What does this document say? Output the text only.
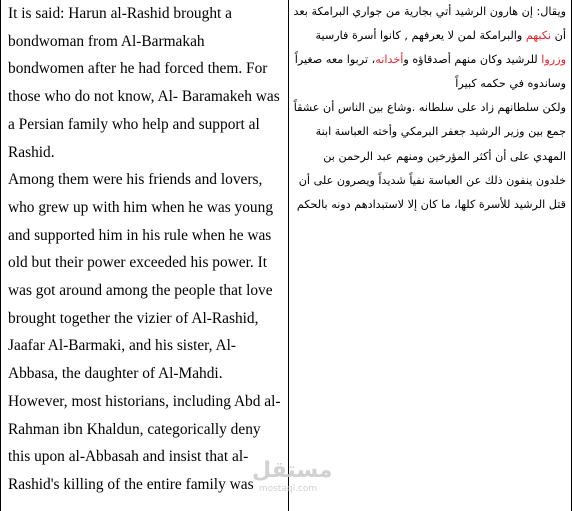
It is said: Harun al-Rashid brought a bondwoman from Al-Barmakah bondwomen after he had forced them. For those who do not know, Al- Baramakeh was a Persian family who help and support al Rashid.

Among them were his friends and lovers, who grew up with him when he was young and supported him in his rule when he was old but their power exceeded his power. It was got around among the people that love brought together the vizier of Al-Rashid, Jaafar Al-Barmaki, and his sister, Al-Abbasa, the daughter of Al-Mahdi.

However, most historians, including Abd al-Rahman ibn Khaldun, categorically deny this upon al-Abbasah and insist that al-Rashid's killing of the entire family was

ويقال: إن هارون الرشيد أتي بجارية من جواري البرامكة بعد أن نكبهم والبرامكة لمن لا يعرفهم , كانوا أسرة فارسية وزروا للرشيد وكان منهم أصدقاؤه وأخدانه، تربوا معه صغيراً وساندوه في حكمه كبيراً

ولكن سلطانهم زاد على سلطانه .وشاع بين الناس أن عشقاً جمع بين وزير الرشيد جعفر البرمكي وأخته العباسة ابنة المهدي على أن أكثر المؤرخين ومنهم عبد الرحمن بن خلدون ينفون ذلك عن العباسة نفياً شديداً ويصرون على أن قتل الرشيد للأسرة كلها، ما كان إلا لاستبدادهم دونه بالحكم

مستقل
mostaql.com
